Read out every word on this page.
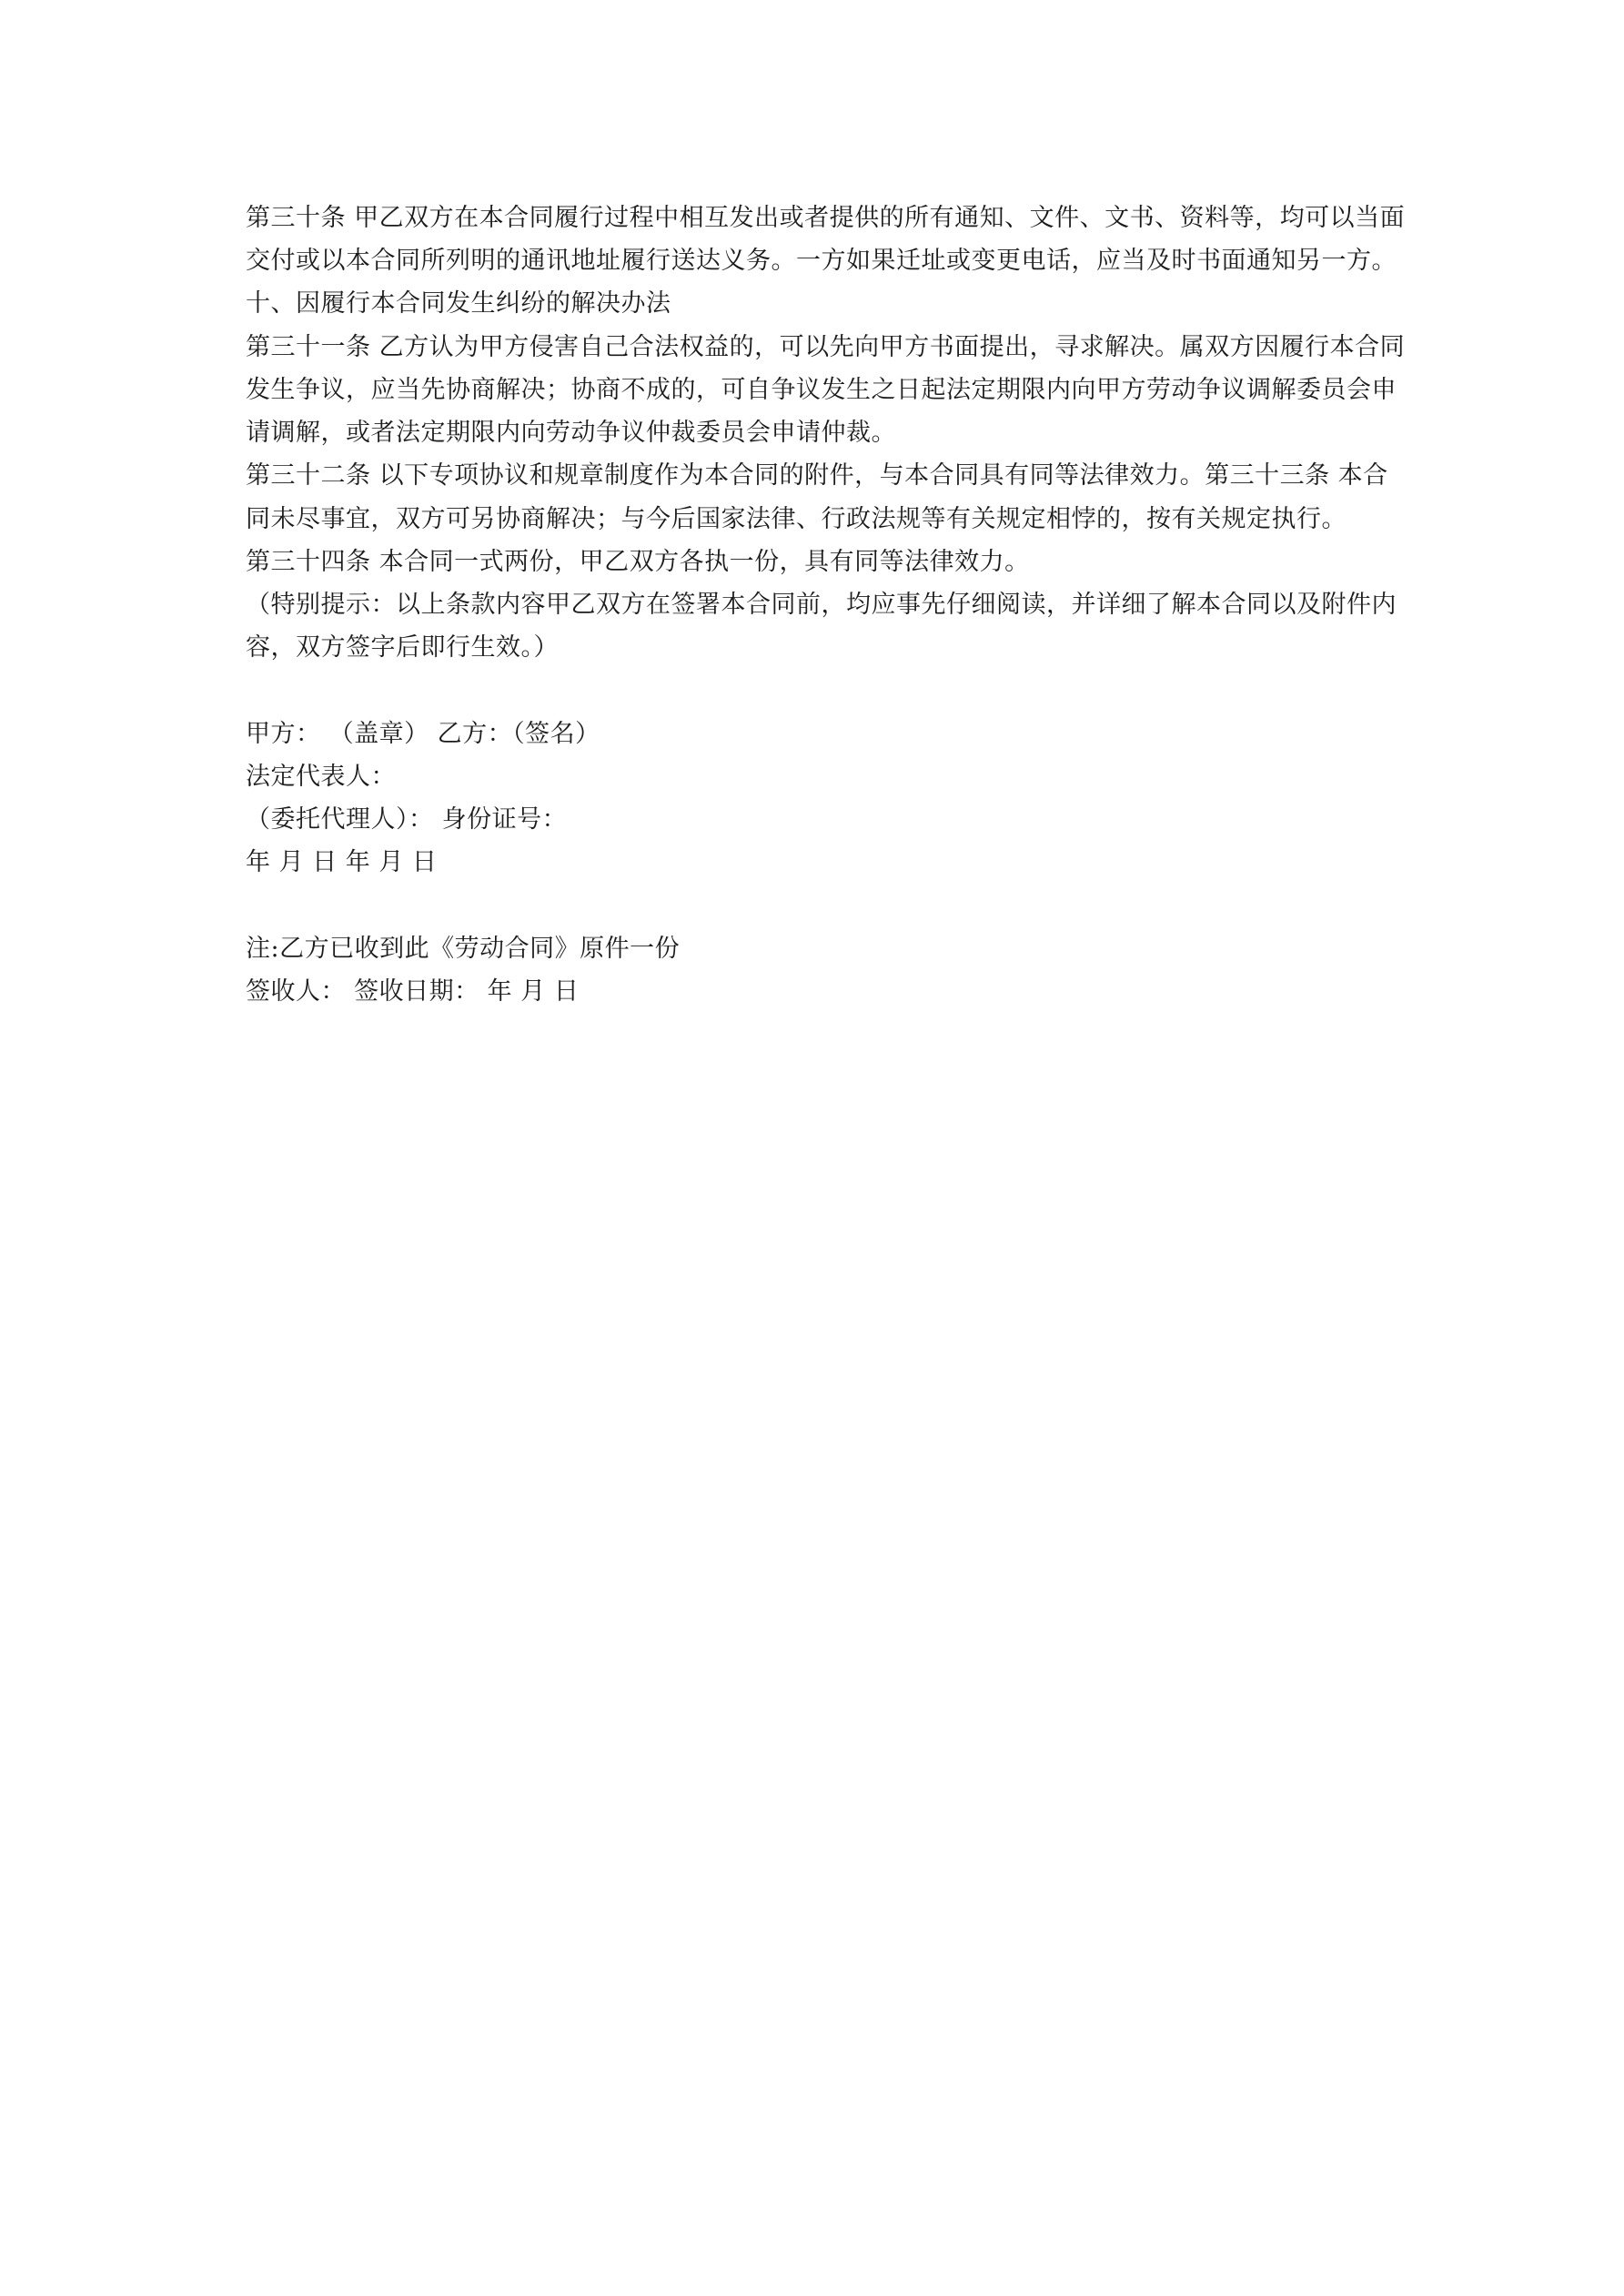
第三十条 甲乙双方在本合同履行过程中相互发出或者提供的所有通知、文件、文书、资料等，均可以当面

交付或以本合同所列明的通讯地址履行送达义务。一方如果迁址或变更电话，应当及时书面通知另一方。

十、因履行本合同发生纠纷的解决办法

第三十一条 乙方认为甲方侵害自己合法权益的，可以先向甲方书面提出，寻求解决。属双方因履行本合同

发生争议，应当先协商解决；协商不成的，可自争议发生之日起法定期限内向甲方劳动争议调解委员会申

请调解，或者法定期限内向劳动争议仲裁委员会申请仲裁。

第三十二条 以下专项协议和规章制度作为本合同的附件，与本合同具有同等法律效力。第三十三条 本合

同未尽事宜，双方可另协商解决；与今后国家法律、行政法规等有关规定相悖的，按有关规定执行。

第三十四条 本合同一式两份，甲乙双方各执一份，具有同等法律效力。

（特别提示：以上条款内容甲乙双方在签署本合同前，均应事先仔细阅读，并详细了解本合同以及附件内

容，双方签字后即行生效。）

甲方： （盖章） 乙方：（签名）

法定代表人：

（委托代理人）： 身份证号：

年 月 日 年 月 日

注:乙方已收到此《劳动合同》原件一份

签收人： 签收日期： 年 月 日
